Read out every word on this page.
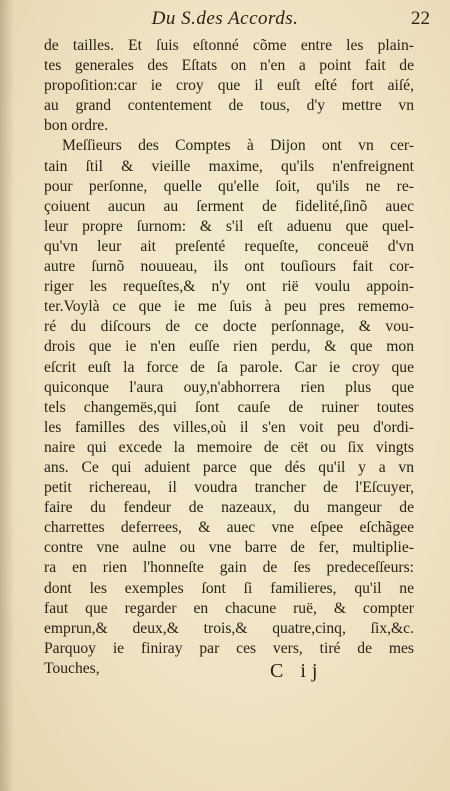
Du S.des Accords.	22
de tailles. Et ſuis eſtonné cõme entre les plain-
tes generales des Eſtats on n'en a point fait de
propoſition:car ie croy que il euſt eſté fort aiſé,
au grand contentement de tous, d'y mettre vn
bon ordre.
Meſſieurs des Comptes à Dijon ont vn cer-
tain ſtil & vieille maxime, qu'ils n'enfreignent
pour perſonne, quelle qu'elle ſoit, qu'ils ne re-
çoiuent aucun au ſerment de fidelité,ſinõ auec
leur propre ſurnom: & s'il eſt aduenu que quel-
qu'vn leur ait preſenté requeſte, conceuë d'vn
autre ſurnõ nouueau, ils ont touſiours fait cor-
riger les requeſtes,& n'y ont rië voulu appoin-
ter.Voylà ce que ie me ſuis à peu pres rememo-
ré du diſcours de ce docte perſonnage, & vou-
drois que ie n'en euſſe rien perdu, & que mon
eſcrit euſt la force de ſa parole. Car ie croy que
quiconque l'aura ouy,n'abhorrera rien plus que
tels changemës,qui ſont cauſe de ruiner toutes
les familles des villes,où il s'en voit peu d'ordi-
naire qui excede la memoire de cët ou ſix vingts
ans. Ce qui aduient parce que dés qu'il y a vn
petit richereau, il voudra trancher de l'Eſcuyer,
faire du fendeur de nazeaux, du mangeur de
charrettes deferrees, & auec vne eſpee eſchãgee
contre vne aulne ou vne barre de fer, multiplie-
ra en rien l'honneſte gain de ſes predeceſſeurs:
dont les exemples ſont ſi familieres, qu'il ne
faut que regarder en chacune ruë, & compter
emprun,& deux,& trois,& quatre,cinq, ſix,&c.
Parquoy ie finiray par ces vers, tiré de mes
Touches,	C ij
